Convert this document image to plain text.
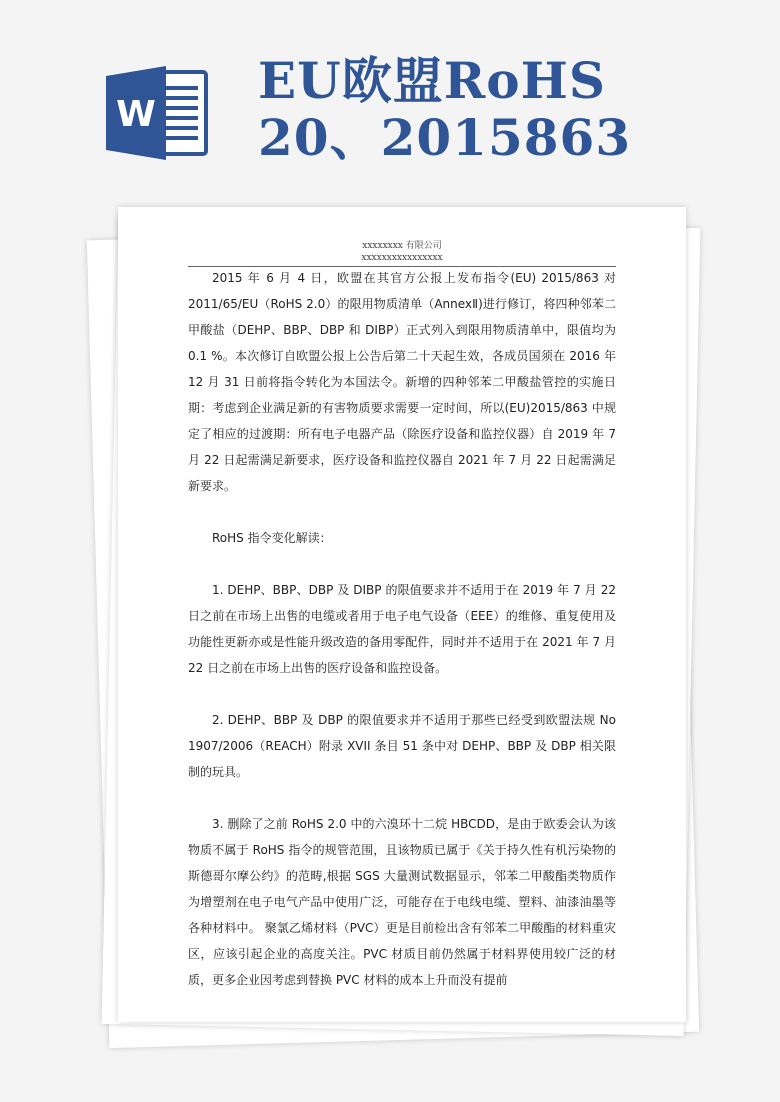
W
EU欧盟RoHS
20、2015863
xxxxxxxx 有限公司
xxxxxxxxxxxxxxxx

2015 年 6 月 4 日，欧盟在其官方公报上发布指令(EU) 2015/863 对 2011/65/EU（RoHS 2.0）的限用物质清单（AnnexⅡ)进行修订，将四种邻苯二甲酸盐（DEHP、BBP、DBP 和 DIBP）正式列入到限用物质清单中，限值均为 0.1 %。本次修订自欧盟公报上公告后第二十天起生效，各成员国须在 2016 年 12 月 31 日前将指令转化为本国法令。新增的四种邻苯二甲酸盐管控的实施日期：考虑到企业满足新的有害物质要求需要一定时间，所以(EU)2015/863 中规定了相应的过渡期：所有电子电器产品（除医疗设备和监控仪器）自 2019 年 7 月 22 日起需满足新要求，医疗设备和监控仪器自 2021 年 7 月 22 日起需满足新要求。

RoHS 指令变化解读：

1. DEHP、BBP、DBP 及 DIBP 的限值要求并不适用于在 2019 年 7 月 22 日之前在市场上出售的电缆或者用于电子电气设备（EEE）的维修、重复使用及功能性更新亦或是性能升级改造的备用零配件，同时并不适用于在 2021 年 7 月 22 日之前在市场上出售的医疗设备和监控设备。

2. DEHP、BBP 及 DBP 的限值要求并不适用于那些已经受到欧盟法规 No 1907/2006（REACH）附录 XVII 条目 51 条中对 DEHP、BBP 及 DBP 相关限制的玩具。

3. 删除了之前 RoHS 2.0 中的六溴环十二烷 HBCDD，是由于欧委会认为该物质不属于 RoHS 指令的规管范围，且该物质已属于《关于持久性有机污染物的斯德哥尔摩公约》的范畴,根据 SGS 大量测试数据显示，邻苯二甲酸酯类物质作为增塑剂在电子电气产品中使用广泛，可能存在于电线电缆、塑料、油漆油墨等各种材料中。 聚氯乙烯材料（PVC）更是目前检出含有邻苯二甲酸酯的材料重灾区，应该引起企业的高度关注。PVC 材质目前仍然属于材料界使用较广泛的材质，更多企业因考虑到替换 PVC 材料的成本上升而没有提前
